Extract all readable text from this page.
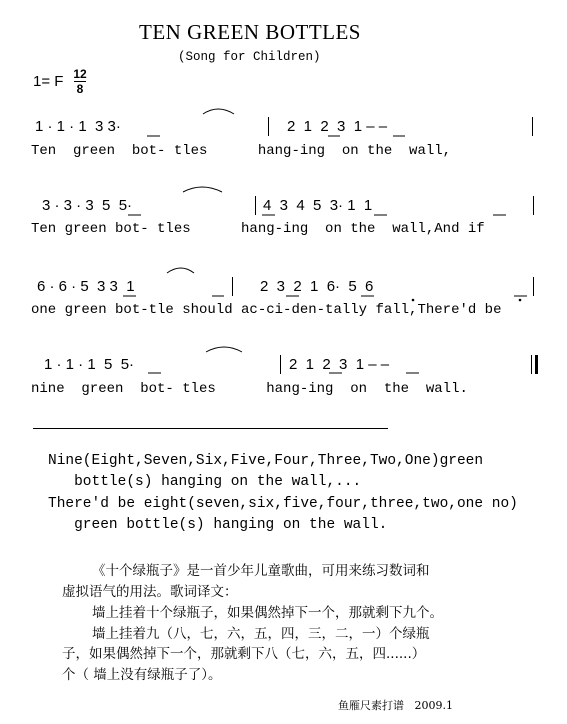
TEN GREEN BOTTLES
(Song for Children)
1= F 12
8
1 · 1 · 1  3 3·	2  1  2  3  1 – –
Ten  green  bot- tles      hang-ing  on the  wall,
3 · 3 · 3  5  5·	4  3  4  5  3· 1  1
Ten green bot- tles      hang-ing  on the  wall,And if
6 · 6 · 5  3 3  1	2  3  2  1  6·  5  6
one green bot-tle should ac-ci-den-tally fall,There'd be
1 · 1 · 1  5  5·	2  1  2  3  1 – –
nine  green  bot- tles      hang-ing  on  the  wall.
Nine(Eight,Seven,Six,Five,Four,Three,Two,One)green
bottle(s) hanging on the wall,...
There'd be eight(seven,six,five,four,three,two,one no)
green bottle(s) hanging on the wall.
《十个绿瓶子》是一首少年儿童歌曲，可用来练习数词和
虚拟语气的用法。歌词译文：
墙上挂着十个绿瓶子，如果偶然掉下一个，那就剩下九个。
墙上挂着九（八，七，六，五，四，三，二，一）个绿瓶
子，如果偶然掉下一个，那就剩下八（七，六，五，四......）
个（ 墙上没有绿瓶子了）。
鱼雁尺素打谱   2009.1
